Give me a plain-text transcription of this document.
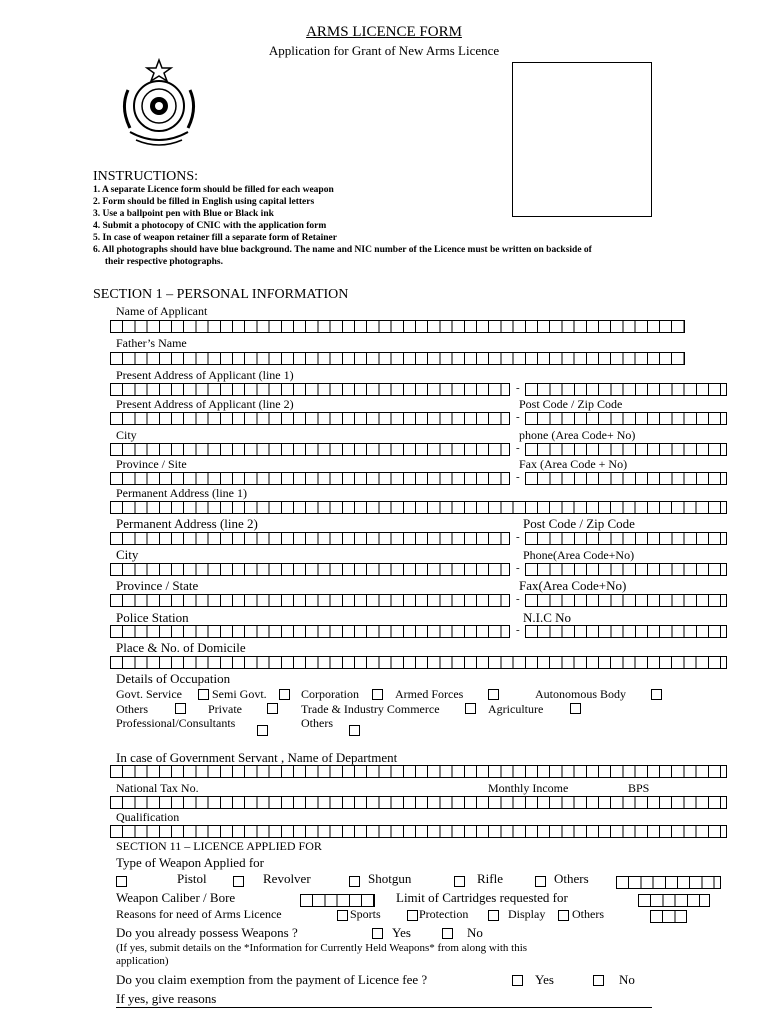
ARMS LICENCE FORM
Application for Grant of New Arms Licence
INSTRUCTIONS:
1. A separate Licence form should be filled for each weapon
2. Form should be filled in English using capital letters
3. Use a ballpoint pen with Blue or Black ink
4. Submit a photocopy of CNIC with the application form
5. In case of weapon retainer fill a separate form of Retainer
6. All photographs should have blue background. The name and NIC number of the Licence must be written on backside of
their respective photographs.
SECTION 1 – PERSONAL INFORMATION
Name of Applicant
Father’s Name
Present Address of Applicant (line 1)
-
Present Address of Applicant (line 2)	Post Code / Zip Code
-
City	phone (Area Code+ No)
-
Province / Site	Fax (Area Code + No)
-
Permanent Address (line 1)
Permanent Address (line 2)	Post Code / Zip Code
-
City	Phone(Area Code+No)
-
Province / State	Fax(Area Code+No)
-
Police Station	N.I.C No
-
Place & No. of Domicile
Details of Occupation
Govt. Service	Semi Govt.	Corporation	Armed Forces	Autonomous Body
Others	Private	Trade & Industry Commerce	Agriculture
Professional/Consultants	Others
In case of Government Servant , Name of Department
National Tax No.	Monthly Income	BPS
Qualification
SECTION 11 – LICENCE APPLIED FOR
Type of Weapon Applied for
Pistol	Revolver	Shotgun	Rifle	Others
Weapon Caliber / Bore	Limit of Cartridges requested for
Reasons for need of Arms Licence	Sports	Protection	Display Others
Do you already possess Weapons ?	Yes	No
(If yes, submit details on the *Information for Currently Held Weapons* from along with this
application)
Do you claim exemption from the payment of Licence fee ?	Yes	No
If yes, give reasons
